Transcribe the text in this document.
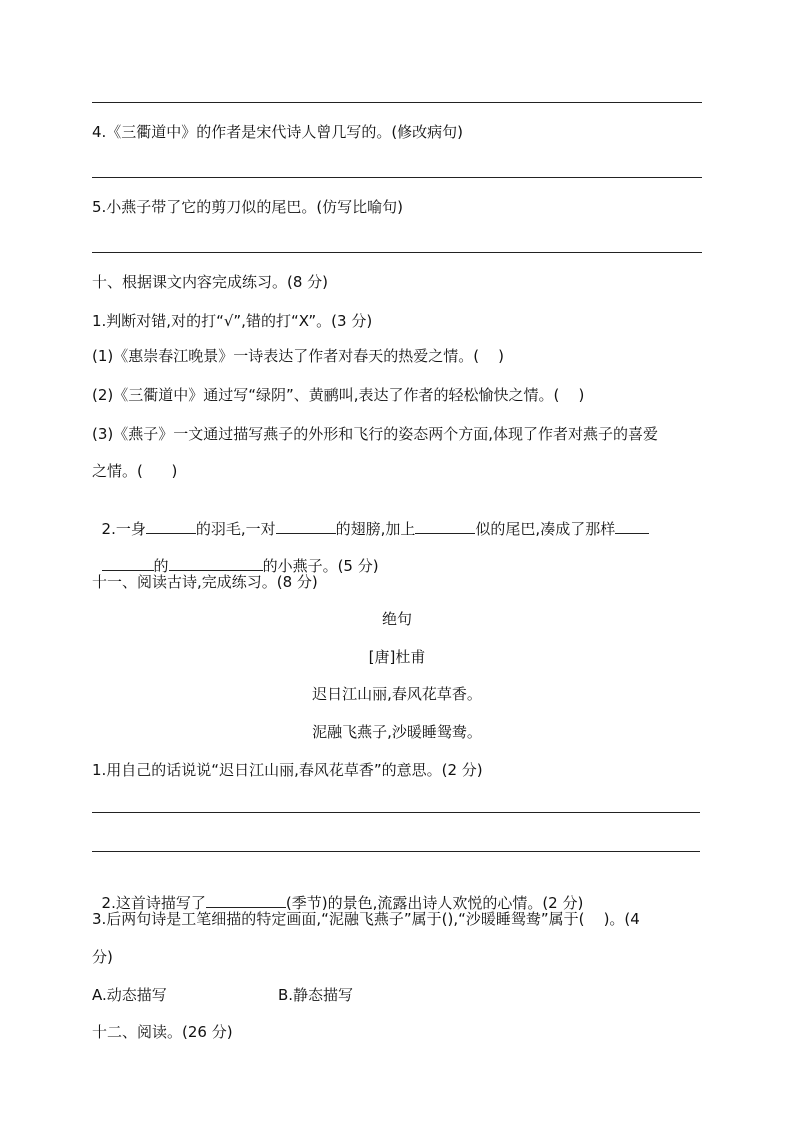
4.《三衢道中》的作者是宋代诗人曾几写的。(修改病句)
5.小燕子带了它的剪刀似的尾巴。(仿写比喻句)
十、根据课文内容完成练习。(8 分)
1.判断对错,对的打“√”,错的打“X”。(3 分)
(1)《惠崇春江晚景》一诗表达了作者对春天的热爱之情。(    )
(2)《三衢道中》通过写“绿阴”、黄鹂叫,表达了作者的轻松愉快之情。(    )
(3)《燕子》一文通过描写燕子的外形和飞行的姿态两个方面,体现了作者对燕子的喜爱
之情。(      )

2.一身	的羽毛,一对	的翅膀,加上	似的尾巴,凑成了那样

的	的小燕子。(5 分)

十一、阅读古诗,完成练习。(8 分)
绝句
[唐]杜甫
迟日江山丽,春风花草香。
泥融飞燕子,沙暖睡鸳鸯。
1.用自己的话说说“迟日江山丽,春风花草香”的意思。(2 分)

2.这首诗描写了	(季节)的景色,流露出诗人欢悦的心情。(2 分)

3.后两句诗是工笔细描的特定画面,“泥融飞燕子”属于(),“沙暖睡鸳鸯”属于(    )。(4
分)
A.动态描写	B.静态描写
十二、阅读。(26 分)
